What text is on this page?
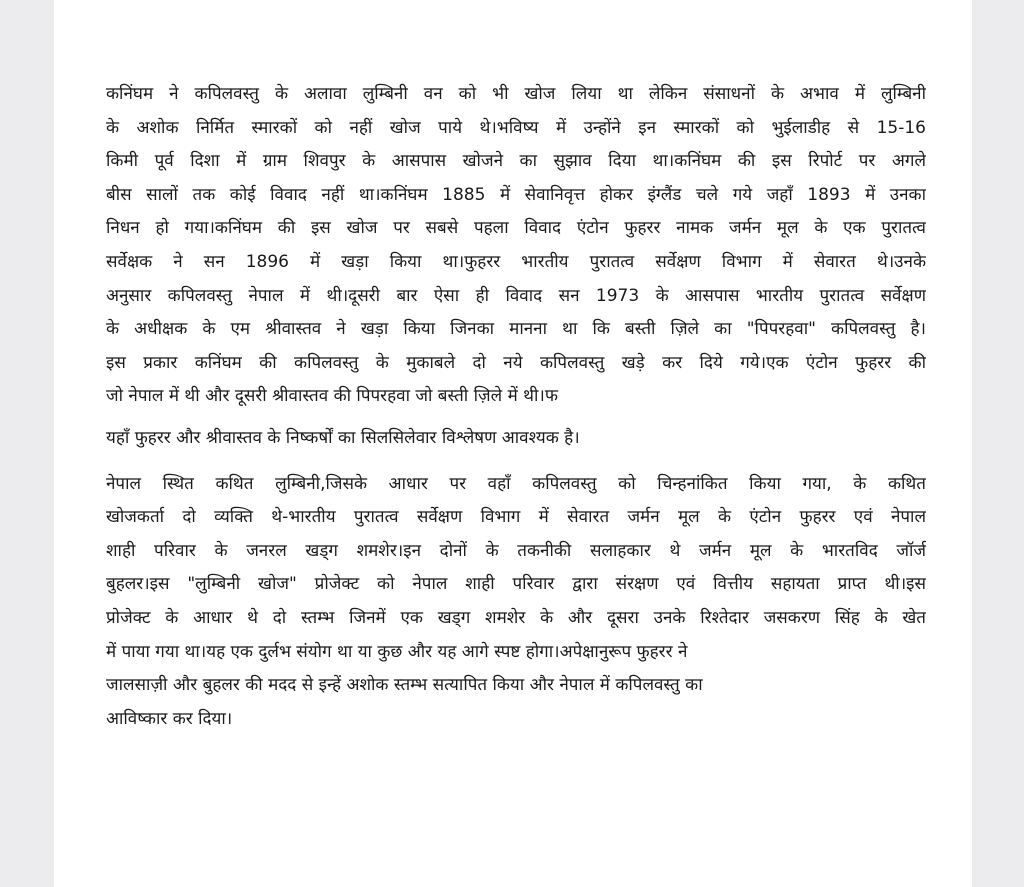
कनिंघम ने कपिलवस्तु के अलावा लुम्बिनी वन को भी खोज लिया था लेकिन संसाधनों के अभाव में लुम्बिनी
के अशोक निर्मित स्मारकों को नहीं खोज पाये थे।भविष्य में उन्होंने इन स्मारकों को भुईलाडीह से 15-16
किमी पूर्व दिशा में ग्राम शिवपुर के आसपास खोजने का सुझाव दिया था।कनिंघम की इस रिपोर्ट पर अगले
बीस सालों तक कोई विवाद नहीं था।कनिंघम 1885 में सेवानिवृत्त होकर इंग्लैंड चले गये जहाँ 1893 में उनका
निधन हो गया।कनिंघम की इस खोज पर सबसे पहला विवाद एंटोन फुहरर नामक जर्मन मूल के एक पुरातत्व
सर्वेक्षक ने सन 1896 में खड़ा किया था।फुहरर भारतीय पुरातत्व सर्वेक्षण विभाग में सेवारत थे।उनके
अनुसार कपिलवस्तु नेपाल में थी।दूसरी बार ऐसा ही विवाद सन 1973 के आसपास भारतीय पुरातत्व सर्वेक्षण
के अधीक्षक के एम श्रीवास्तव ने खड़ा किया जिनका मानना था कि बस्ती ज़िले का "पिपरहवा" कपिलवस्तु है।
इस प्रकार कनिंघम की कपिलवस्तु के मुकाबले दो नये कपिलवस्तु खड़े कर दिये गये।एक एंटोन फुहरर की
जो नेपाल में थी और दूसरी श्रीवास्तव की पिपरहवा जो बस्ती ज़िले में थी।फ
यहाँ फुहरर और श्रीवास्तव के निष्कर्षों का सिलसिलेवार विश्लेषण आवश्यक है।
नेपाल स्थित कथित लुम्बिनी,जिसके आधार पर वहाँ कपिलवस्तु को चिन्हनांकित किया गया, के कथित
खोजकर्ता दो व्यक्ति थे-भारतीय पुरातत्व सर्वेक्षण विभाग में सेवारत जर्मन मूल के एंटोन फुहरर एवं नेपाल
शाही परिवार के जनरल खड्ग शमशेर।इन दोनों के तकनीकी सलाहकार थे जर्मन मूल के भारतविद जॉर्ज
बुहलर।इस "लुम्बिनी खोज" प्रोजेक्ट को नेपाल शाही परिवार द्वारा संरक्षण एवं वित्तीय सहायता प्राप्त थी।इस
प्रोजेक्ट के आधार थे दो स्तम्भ जिनमें एक खड्ग शमशेर के और दूसरा उनके रिश्तेदार जसकरण सिंह के खेत
में पाया गया था।यह एक दुर्लभ संयोग था या कुछ और यह आगे स्पष्ट होगा।अपेक्षानुरूप फुहरर ने
जालसाज़ी और बुहलर की मदद से इन्हें अशोक स्तम्भ सत्यापित किया और नेपाल में कपिलवस्तु का
आविष्कार कर दिया।
